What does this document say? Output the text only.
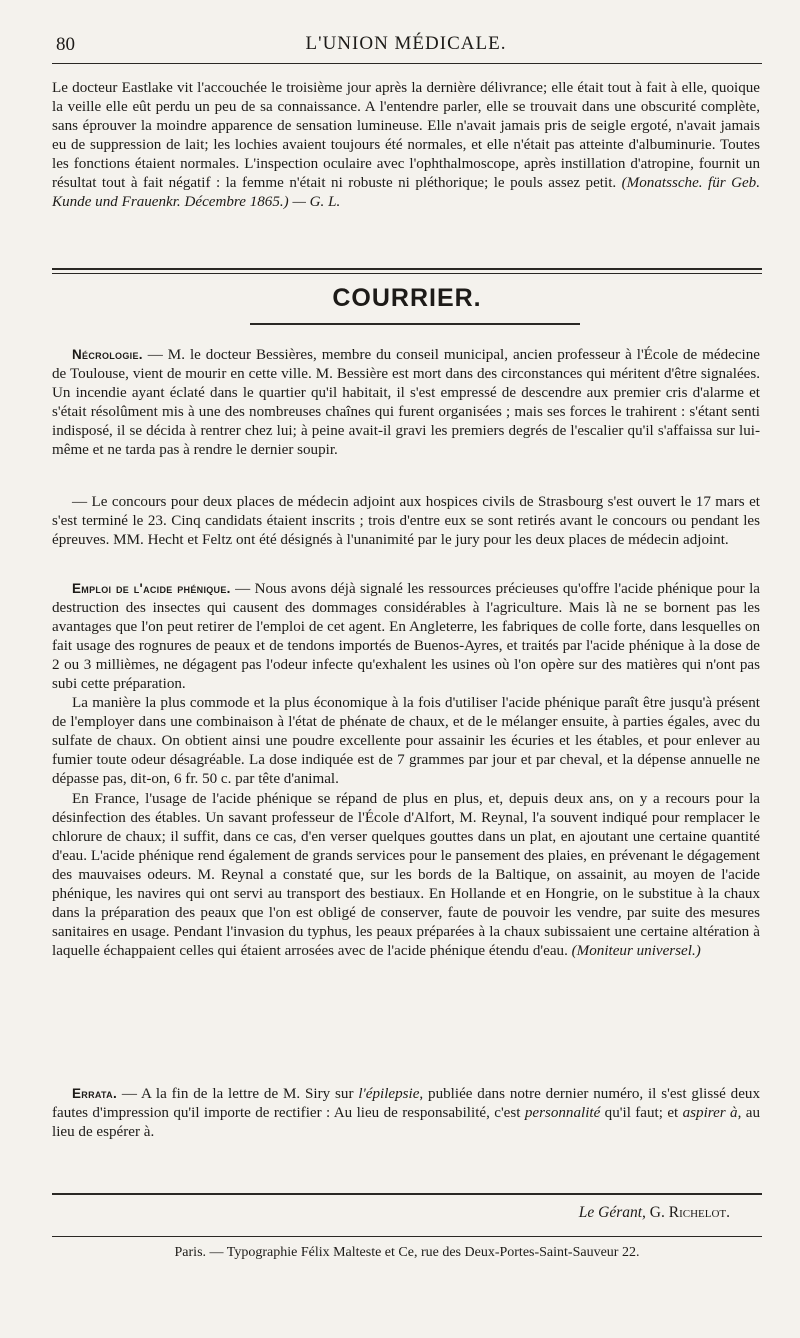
80	L'UNION MÉDICALE.

Le docteur Eastlake vit l'accouchée le troisième jour après la dernière délivrance; elle était tout à fait à elle, quoique la veille elle eût perdu un peu de sa connaissance. A l'entendre parler, elle se trouvait dans une obscurité complète, sans éprouver la moindre apparence de sensation lumineuse. Elle n'avait jamais pris de seigle ergoté, n'avait jamais eu de suppression de lait; les lochies avaient toujours été normales, et elle n'était pas atteinte d'albuminurie. Toutes les fonctions étaient normales. L'inspection oculaire avec l'ophthalmoscope, après instillation d'atropine, fournit un résultat tout à fait négatif : la femme n'était ni robuste ni pléthorique; le pouls assez petit. (Monatssche. für Geb. Kunde und Frauenkr. Décembre 1865.) — G. L.

COURRIER.

Nécrologie. — M. le docteur Bessières, membre du conseil municipal, ancien professeur à l'École de médecine de Toulouse, vient de mourir en cette ville. M. Bessière est mort dans des circonstances qui méritent d'être signalées. Un incendie ayant éclaté dans le quartier qu'il habitait, il s'est empressé de descendre aux premier cris d'alarme et s'était résolûment mis à une des nombreuses chaînes qui furent organisées ; mais ses forces le trahirent : s'étant senti indisposé, il se décida à rentrer chez lui; à peine avait-il gravi les premiers degrés de l'escalier qu'il s'affaissa sur lui-même et ne tarda pas à rendre le dernier soupir.

— Le concours pour deux places de médecin adjoint aux hospices civils de Strasbourg s'est ouvert le 17 mars et s'est terminé le 23. Cinq candidats étaient inscrits ; trois d'entre eux se sont retirés avant le concours ou pendant les épreuves. MM. Hecht et Feltz ont été désignés à l'unanimité par le jury pour les deux places de médecin adjoint.

Emploi de l'acide phénique. — Nous avons déjà signalé les ressources précieuses qu'offre l'acide phénique pour la destruction des insectes qui causent des dommages considérables à l'agriculture. Mais là ne se bornent pas les avantages que l'on peut retirer de l'emploi de cet agent. En Angleterre, les fabriques de colle forte, dans lesquelles on fait usage des rognures de peaux et de tendons importés de Buenos-Ayres, et traités par l'acide phénique à la dose de 2 ou 3 millièmes, ne dégagent pas l'odeur infecte qu'exhalent les usines où l'on opère sur des matières qui n'ont pas subi cette préparation.

La manière la plus commode et la plus économique à la fois d'utiliser l'acide phénique paraît être jusqu'à présent de l'employer dans une combinaison à l'état de phénate de chaux, et de le mélanger ensuite, à parties égales, avec du sulfate de chaux. On obtient ainsi une poudre excellente pour assainir les écuries et les étables, et pour enlever au fumier toute odeur désagréable. La dose indiquée est de 7 grammes par jour et par cheval, et la dépense annuelle ne dépasse pas, dit-on, 6 fr. 50 c. par tête d'animal.

En France, l'usage de l'acide phénique se répand de plus en plus, et, depuis deux ans, on y a recours pour la désinfection des étables. Un savant professeur de l'École d'Alfort, M. Reynal, l'a souvent indiqué pour remplacer le chlorure de chaux; il suffit, dans ce cas, d'en verser quelques gouttes dans un plat, en ajoutant une certaine quantité d'eau. L'acide phénique rend également de grands services pour le pansement des plaies, en prévenant le dégagement des mauvaises odeurs. M. Reynal a constaté que, sur les bords de la Baltique, on assainit, au moyen de l'acide phénique, les navires qui ont servi au transport des bestiaux. En Hollande et en Hongrie, on le substitue à la chaux dans la préparation des peaux que l'on est obligé de conserver, faute de pouvoir les vendre, par suite des mesures sanitaires en usage. Pendant l'invasion du typhus, les peaux préparées à la chaux subissaient une certaine altération à laquelle échappaient celles qui étaient arrosées avec de l'acide phénique étendu d'eau. (Moniteur universel.)

Errata. — A la fin de la lettre de M. Siry sur l'épilepsie, publiée dans notre dernier numéro, il s'est glissé deux fautes d'impression qu'il importe de rectifier : Au lieu de responsabilité, c'est personnalité qu'il faut; et aspirer à, au lieu de espérer à.

Le Gérant, G. Richelot.
Paris. — Typographie Félix Malteste et Ce, rue des Deux-Portes-Saint-Sauveur 22.
